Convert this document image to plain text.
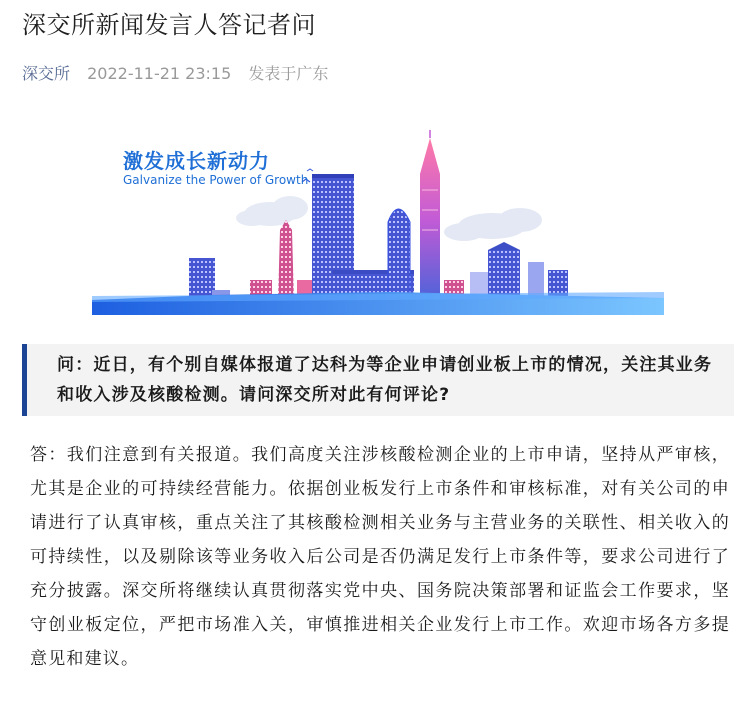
深交所新闻发言人答记者问
深交所 2022-11-21 23:15 发表于广东
激发成长新动力
Galvanize the Power of Growth
问：近日，有个别自媒体报道了达科为等企业申请创业板上市的情况，关注其业务和收入涉及核酸检测。请问深交所对此有何评论?
答：我们注意到有关报道。我们高度关注涉核酸检测企业的上市申请，坚持从严审核，尤其是企业的可持续经营能力。依据创业板发行上市条件和审核标准，对有关公司的申请进行了认真审核，重点关注了其核酸检测相关业务与主营业务的关联性、相关收入的可持续性，以及剔除该等业务收入后公司是否仍满足发行上市条件等，要求公司进行了充分披露。深交所将继续认真贯彻落实党中央、国务院决策部署和证监会工作要求，坚守创业板定位，严把市场准入关，审慎推进相关企业发行上市工作。欢迎市场各方多提意见和建议。
